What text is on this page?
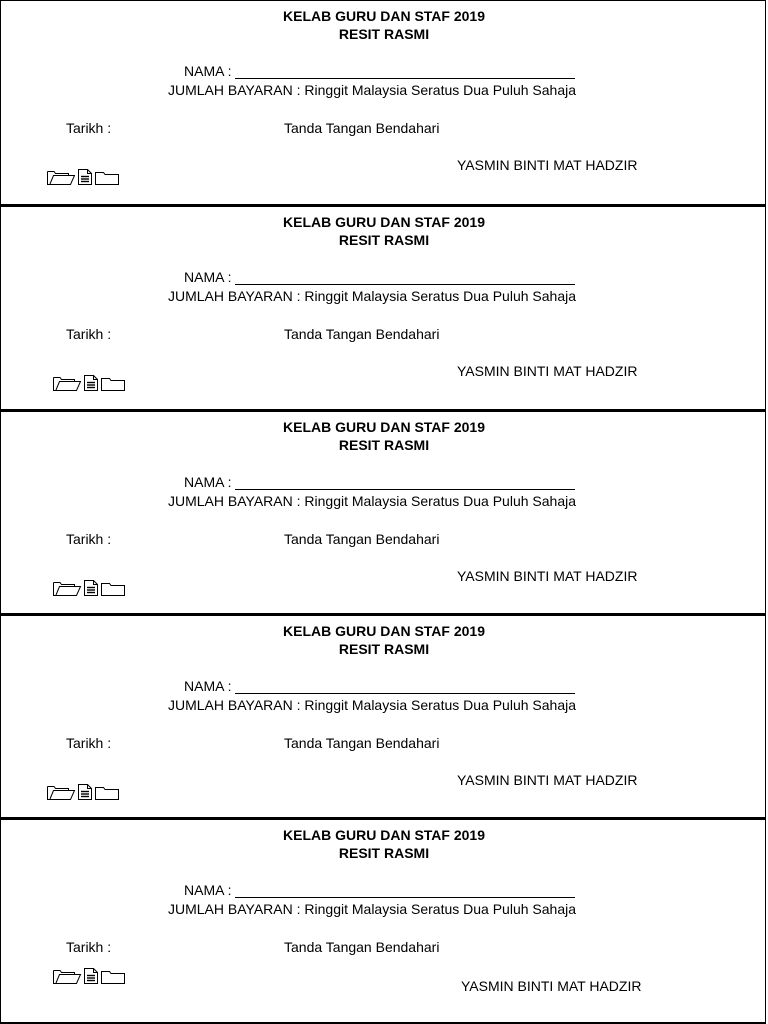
KELAB GURU DAN STAF 2019
RESIT RASMI
NAMA :
JUMLAH BAYARAN : Ringgit Malaysia Seratus Dua Puluh Sahaja
Tarikh :	Tanda Tangan Bendahari
YASMIN BINTI MAT HADZIR
KELAB GURU DAN STAF 2019
RESIT RASMI
NAMA :
JUMLAH BAYARAN : Ringgit Malaysia Seratus Dua Puluh Sahaja
Tarikh :	Tanda Tangan Bendahari
YASMIN BINTI MAT HADZIR
KELAB GURU DAN STAF 2019
RESIT RASMI
NAMA :
JUMLAH BAYARAN : Ringgit Malaysia Seratus Dua Puluh Sahaja
Tarikh :	Tanda Tangan Bendahari
YASMIN BINTI MAT HADZIR
KELAB GURU DAN STAF 2019
RESIT RASMI
NAMA :
JUMLAH BAYARAN : Ringgit Malaysia Seratus Dua Puluh Sahaja
Tarikh :	Tanda Tangan Bendahari
YASMIN BINTI MAT HADZIR
KELAB GURU DAN STAF 2019
RESIT RASMI
NAMA :
JUMLAH BAYARAN : Ringgit Malaysia Seratus Dua Puluh Sahaja
Tarikh :	Tanda Tangan Bendahari
YASMIN BINTI MAT HADZIR
